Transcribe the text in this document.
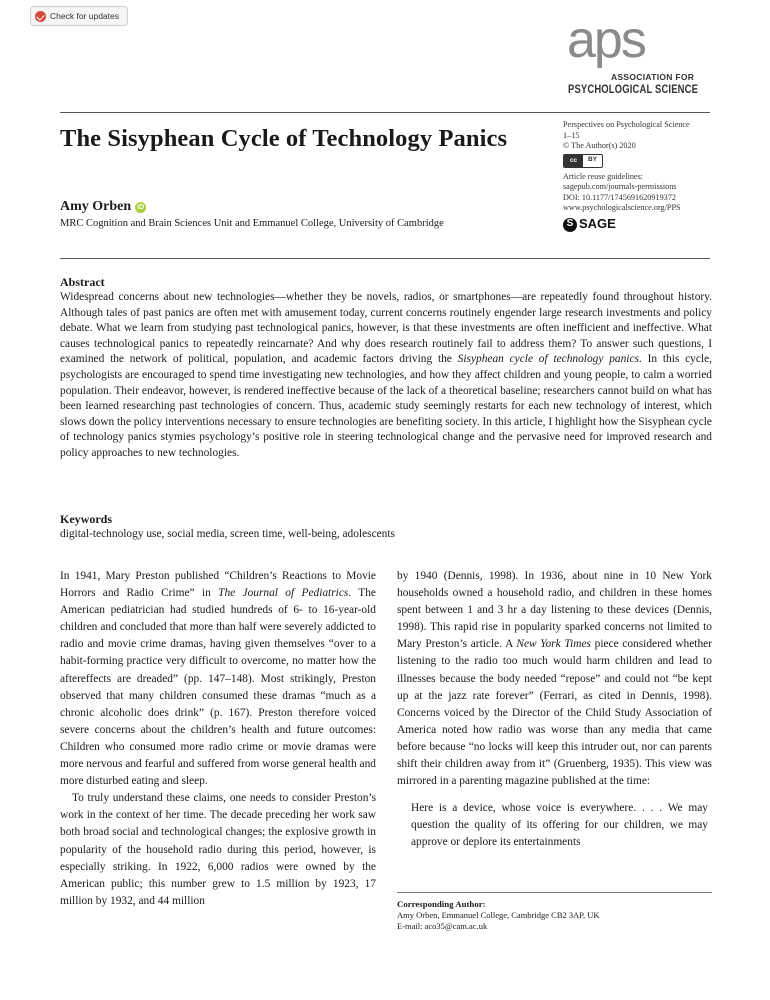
Check for updates	aps
ASSOCIATION FOR
PSYCHOLOGICAL SCIENCE
The Sisyphean Cycle of Technology Panics
Amy Orben iD
MRC Cognition and Brain Sciences Unit and Emmanuel College, University of Cambridge
Perspectives on Psychological Science
1–15
© The Author(s) 2020
cc	BY
Article reuse guidelines:
sagepub.com/journals-permissions
DOI: 10.1177/1745691620919372
www.psychologicalscience.org/PPS
S SAGE
Abstract
Widespread concerns about new technologies—whether they be novels, radios, or smartphones—are repeatedly found throughout history. Although tales of past panics are often met with amusement today, current concerns routinely engender large research investments and policy debate. What we learn from studying past technological panics, however, is that these investments are often inefficient and ineffective. What causes technological panics to repeatedly reincarnate? And why does research routinely fail to address them? To answer such questions, I examined the network of political, population, and academic factors driving the Sisyphean cycle of technology panics. In this cycle, psychologists are encouraged to spend time investigating new technologies, and how they affect children and young people, to calm a worried population. Their endeavor, however, is rendered ineffective because of the lack of a theoretical baseline; researchers cannot build on what has been learned researching past technologies of concern. Thus, academic study seemingly restarts for each new technology of interest, which slows down the policy interventions necessary to ensure technologies are benefiting society. In this article, I highlight how the Sisyphean cycle of technology panics stymies psychology’s positive role in steering technological change and the pervasive need for improved research and policy approaches to new technologies.
Keywords
digital-technology use, social media, screen time, well-being, adolescents

In 1941, Mary Preston published “Children’s Reactions to Movie Horrors and Radio Crime” in The Journal of Pediatrics. The American pediatrician had studied hundreds of 6- to 16-year-old children and concluded that more than half were severely addicted to radio and movie crime dramas, having given themselves “over to a habit-forming practice very difficult to overcome, no matter how the aftereffects are dreaded” (pp. 147–148). Most strikingly, Preston observed that many children consumed these dramas “much as a chronic alcoholic does drink” (p. 167). Preston therefore voiced severe concerns about the children’s health and future outcomes: Children who consumed more radio crime or movie dramas were more nervous and fearful and suffered from worse general health and more disturbed eating and sleep.

To truly understand these claims, one needs to consider Preston’s work in the context of her time. The decade preceding her work saw both broad social and technological changes; the explosive growth in popularity of the household radio during this period, however, is especially striking. In 1922, 6,000 radios were owned by the American public; this number grew to 1.5 million by 1923, 17 million by 1932, and 44 million

by 1940 (Dennis, 1998). In 1936, about nine in 10 New York households owned a household radio, and children in these homes spent between 1 and 3 hr a day listening to these devices (Dennis, 1998). This rapid rise in popularity sparked concerns not limited to Mary Preston’s article. A New York Times piece considered whether listening to the radio too much would harm children and lead to illnesses because the body needed “repose” and could not “be kept up at the jazz rate forever” (Ferrari, as cited in Dennis, 1998). Concerns voiced by the Director of the Child Study Association of America noted how radio was worse than any media that came before because “no locks will keep this intruder out, nor can parents shift their children away from it” (Gruenberg, 1935). This view was mirrored in a parenting magazine published at the time:

Here is a device, whose voice is everywhere. . . . We may question the quality of its offering for our children, we may approve or deplore its entertainments

Corresponding Author:
Amy Orben, Emmanuel College, Cambridge CB2 3AP, UK
E-mail: aco35@cam.ac.uk
